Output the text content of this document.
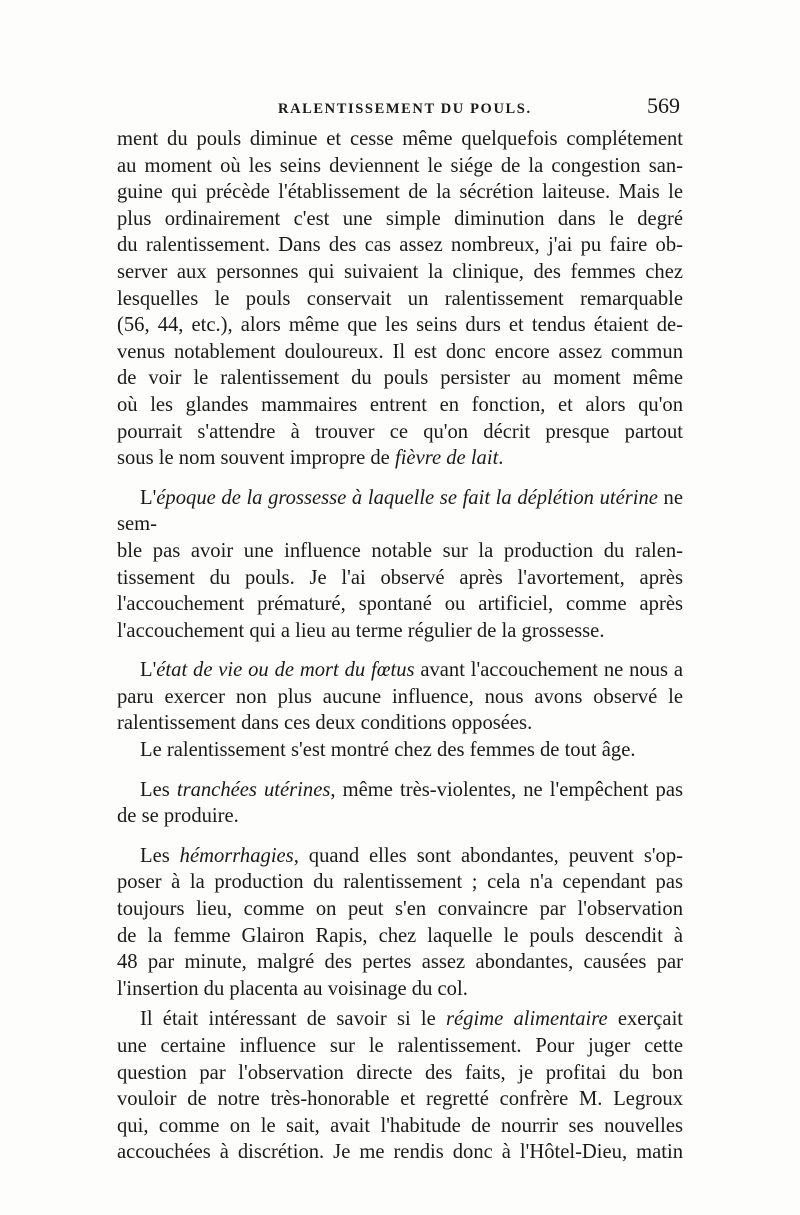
RALENTISSEMENT DU POULS.	569
ment du pouls diminue et cesse même quelquefois complétement
au moment où les seins deviennent le siége de la congestion san-
guine qui précède l'établissement de la sécrétion laiteuse. Mais le
plus ordinairement c'est une simple diminution dans le degré
du ralentissement. Dans des cas assez nombreux, j'ai pu faire ob-
server aux personnes qui suivaient la clinique, des femmes chez
lesquelles le pouls conservait un ralentissement remarquable
(56, 44, etc.), alors même que les seins durs et tendus étaient de-
venus notablement douloureux. Il est donc encore assez commun
de voir le ralentissement du pouls persister au moment même
où les glandes mammaires entrent en fonction, et alors qu'on
pourrait s'attendre à trouver ce qu'on décrit presque partout
sous le nom souvent impropre de fièvre de lait.
L'époque de la grossesse à laquelle se fait la déplétion utérine ne sem-
ble pas avoir une influence notable sur la production du ralen-
tissement du pouls. Je l'ai observé après l'avortement, après
l'accouchement prématuré, spontané ou artificiel, comme après
l'accouchement qui a lieu au terme régulier de la grossesse.
L'état de vie ou de mort du fœtus avant l'accouchement ne nous a
paru exercer non plus aucune influence, nous avons observé le
ralentissement dans ces deux conditions opposées.
Le ralentissement s'est montré chez des femmes de tout âge.
Les tranchées utérines, même très-violentes, ne l'empêchent pas
de se produire.
Les hémorrhagies, quand elles sont abondantes, peuvent s'op-
poser à la production du ralentissement ; cela n'a cependant pas
toujours lieu, comme on peut s'en convaincre par l'observation
de la femme Glairon Rapis, chez laquelle le pouls descendit à
48 par minute, malgré des pertes assez abondantes, causées par
l'insertion du placenta au voisinage du col.
Il était intéressant de savoir si le régime alimentaire exerçait
une certaine influence sur le ralentissement. Pour juger cette
question par l'observation directe des faits, je profitai du bon
vouloir de notre très-honorable et regretté confrère M. Legroux
qui, comme on le sait, avait l'habitude de nourrir ses nouvelles
accouchées à discrétion. Je me rendis donc à l'Hôtel-Dieu, matin
